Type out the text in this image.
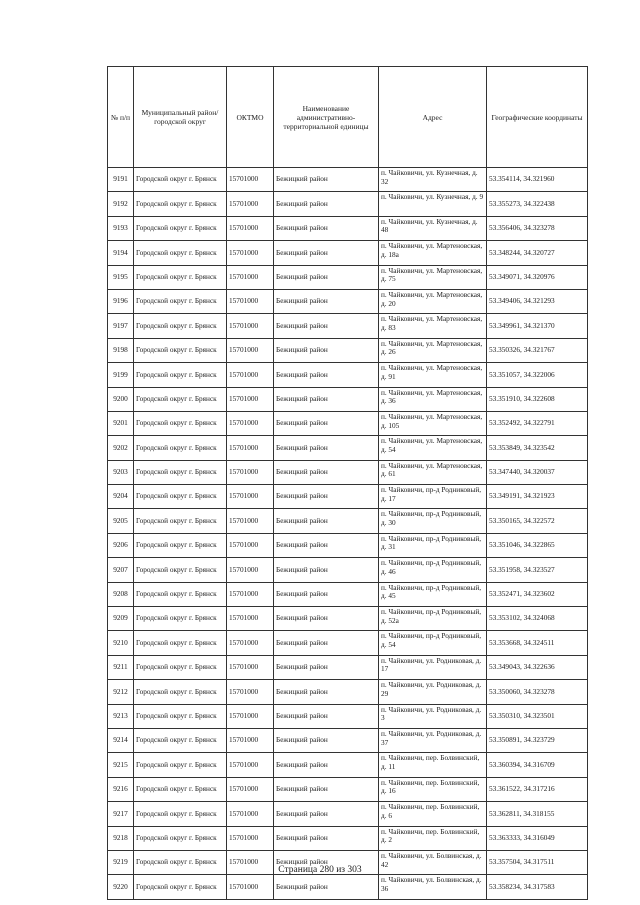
№ п/п	Муниципальный район/городской округ	ОКТМО	Наименование административно-территориальной единицы	Адрес	Географические координаты
9191	Городской округ г. Брянск	15701000	Бежицкий район	п. Чайковичи, ул. Кузнечная, д. 32	53.354114, 34.321960
9192	Городской округ г. Брянск	15701000	Бежицкий район	п. Чайковичи, ул. Кузнечная, д. 9	53.355273, 34.322438
9193	Городской округ г. Брянск	15701000	Бежицкий район	п. Чайковичи, ул. Кузнечная, д. 48	53.356406, 34.323278
9194	Городской округ г. Брянск	15701000	Бежицкий район	п. Чайковичи, ул. Мартеновская, д. 18а	53.348244, 34.320727
9195	Городской округ г. Брянск	15701000	Бежицкий район	п. Чайковичи, ул. Мартеновская, д. 75	53.349071, 34.320976
9196	Городской округ г. Брянск	15701000	Бежицкий район	п. Чайковичи, ул. Мартеновская, д. 20	53.349406, 34.321293
9197	Городской округ г. Брянск	15701000	Бежицкий район	п. Чайковичи, ул. Мартеновская, д. 83	53.349961, 34.321370
9198	Городской округ г. Брянск	15701000	Бежицкий район	п. Чайковичи, ул. Мартеновская, д. 26	53.350326, 34.321767
9199	Городской округ г. Брянск	15701000	Бежицкий район	п. Чайковичи, ул. Мартеновская, д. 91	53.351057, 34.322006
9200	Городской округ г. Брянск	15701000	Бежицкий район	п. Чайковичи, ул. Мартеновская, д. 36	53.351910, 34.322608
9201	Городской округ г. Брянск	15701000	Бежицкий район	п. Чайковичи, ул. Мартеновская, д. 105	53.352492, 34.322791
9202	Городской округ г. Брянск	15701000	Бежицкий район	п. Чайковичи, ул. Мартеновская, д. 54	53.353849, 34.323542
9203	Городской округ г. Брянск	15701000	Бежицкий район	п. Чайковичи, ул. Мартеновская, д. 61	53.347440, 34.320037
9204	Городской округ г. Брянск	15701000	Бежицкий район	п. Чайковичи, пр-д Родниковый, д. 17	53.349191, 34.321923
9205	Городской округ г. Брянск	15701000	Бежицкий район	п. Чайковичи, пр-д Родниковый, д. 30	53.350165, 34.322572
9206	Городской округ г. Брянск	15701000	Бежицкий район	п. Чайковичи, пр-д Родниковый, д. 31	53.351046, 34.322865
9207	Городской округ г. Брянск	15701000	Бежицкий район	п. Чайковичи, пр-д Родниковый, д. 46	53.351958, 34.323527
9208	Городской округ г. Брянск	15701000	Бежицкий район	п. Чайковичи, пр-д Родниковый, д. 45	53.352471, 34.323602
9209	Городской округ г. Брянск	15701000	Бежицкий район	п. Чайковичи, пр-д Родниковый, д. 52а	53.353102, 34.324068
9210	Городской округ г. Брянск	15701000	Бежицкий район	п. Чайковичи, пр-д Родниковый, д. 54	53.353668, 34.324511
9211	Городской округ г. Брянск	15701000	Бежицкий район	п. Чайковичи, ул. Родниковая, д. 17	53.349043, 34.322636
9212	Городской округ г. Брянск	15701000	Бежицкий район	п. Чайковичи, ул. Родниковая, д. 29	53.350060, 34.323278
9213	Городской округ г. Брянск	15701000	Бежицкий район	п. Чайковичи, ул. Родниковая, д. 3	53.350310, 34.323501
9214	Городской округ г. Брянск	15701000	Бежицкий район	п. Чайковичи, ул. Родниковая, д. 37	53.350891, 34.323729
9215	Городской округ г. Брянск	15701000	Бежицкий район	п. Чайковичи, пер. Болвинский, д. 11	53.360394, 34.316709
9216	Городской округ г. Брянск	15701000	Бежицкий район	п. Чайковичи, пер. Болвинский, д. 16	53.361522, 34.317216
9217	Городской округ г. Брянск	15701000	Бежицкий район	п. Чайковичи, пер. Болвинский, д. 6	53.362811, 34.318155
9218	Городской округ г. Брянск	15701000	Бежицкий район	п. Чайковичи, пер. Болвинский, д. 2	53.363333, 34.316049
9219	Городской округ г. Брянск	15701000	Бежицкий район	п. Чайковичи, ул. Болвинская, д. 42	53.357504, 34.317511
9220	Городской округ г. Брянск	15701000	Бежицкий район	п. Чайковичи, ул. Болвинская, д. 36	53.358234, 34.317583
Страница 280 из 303
